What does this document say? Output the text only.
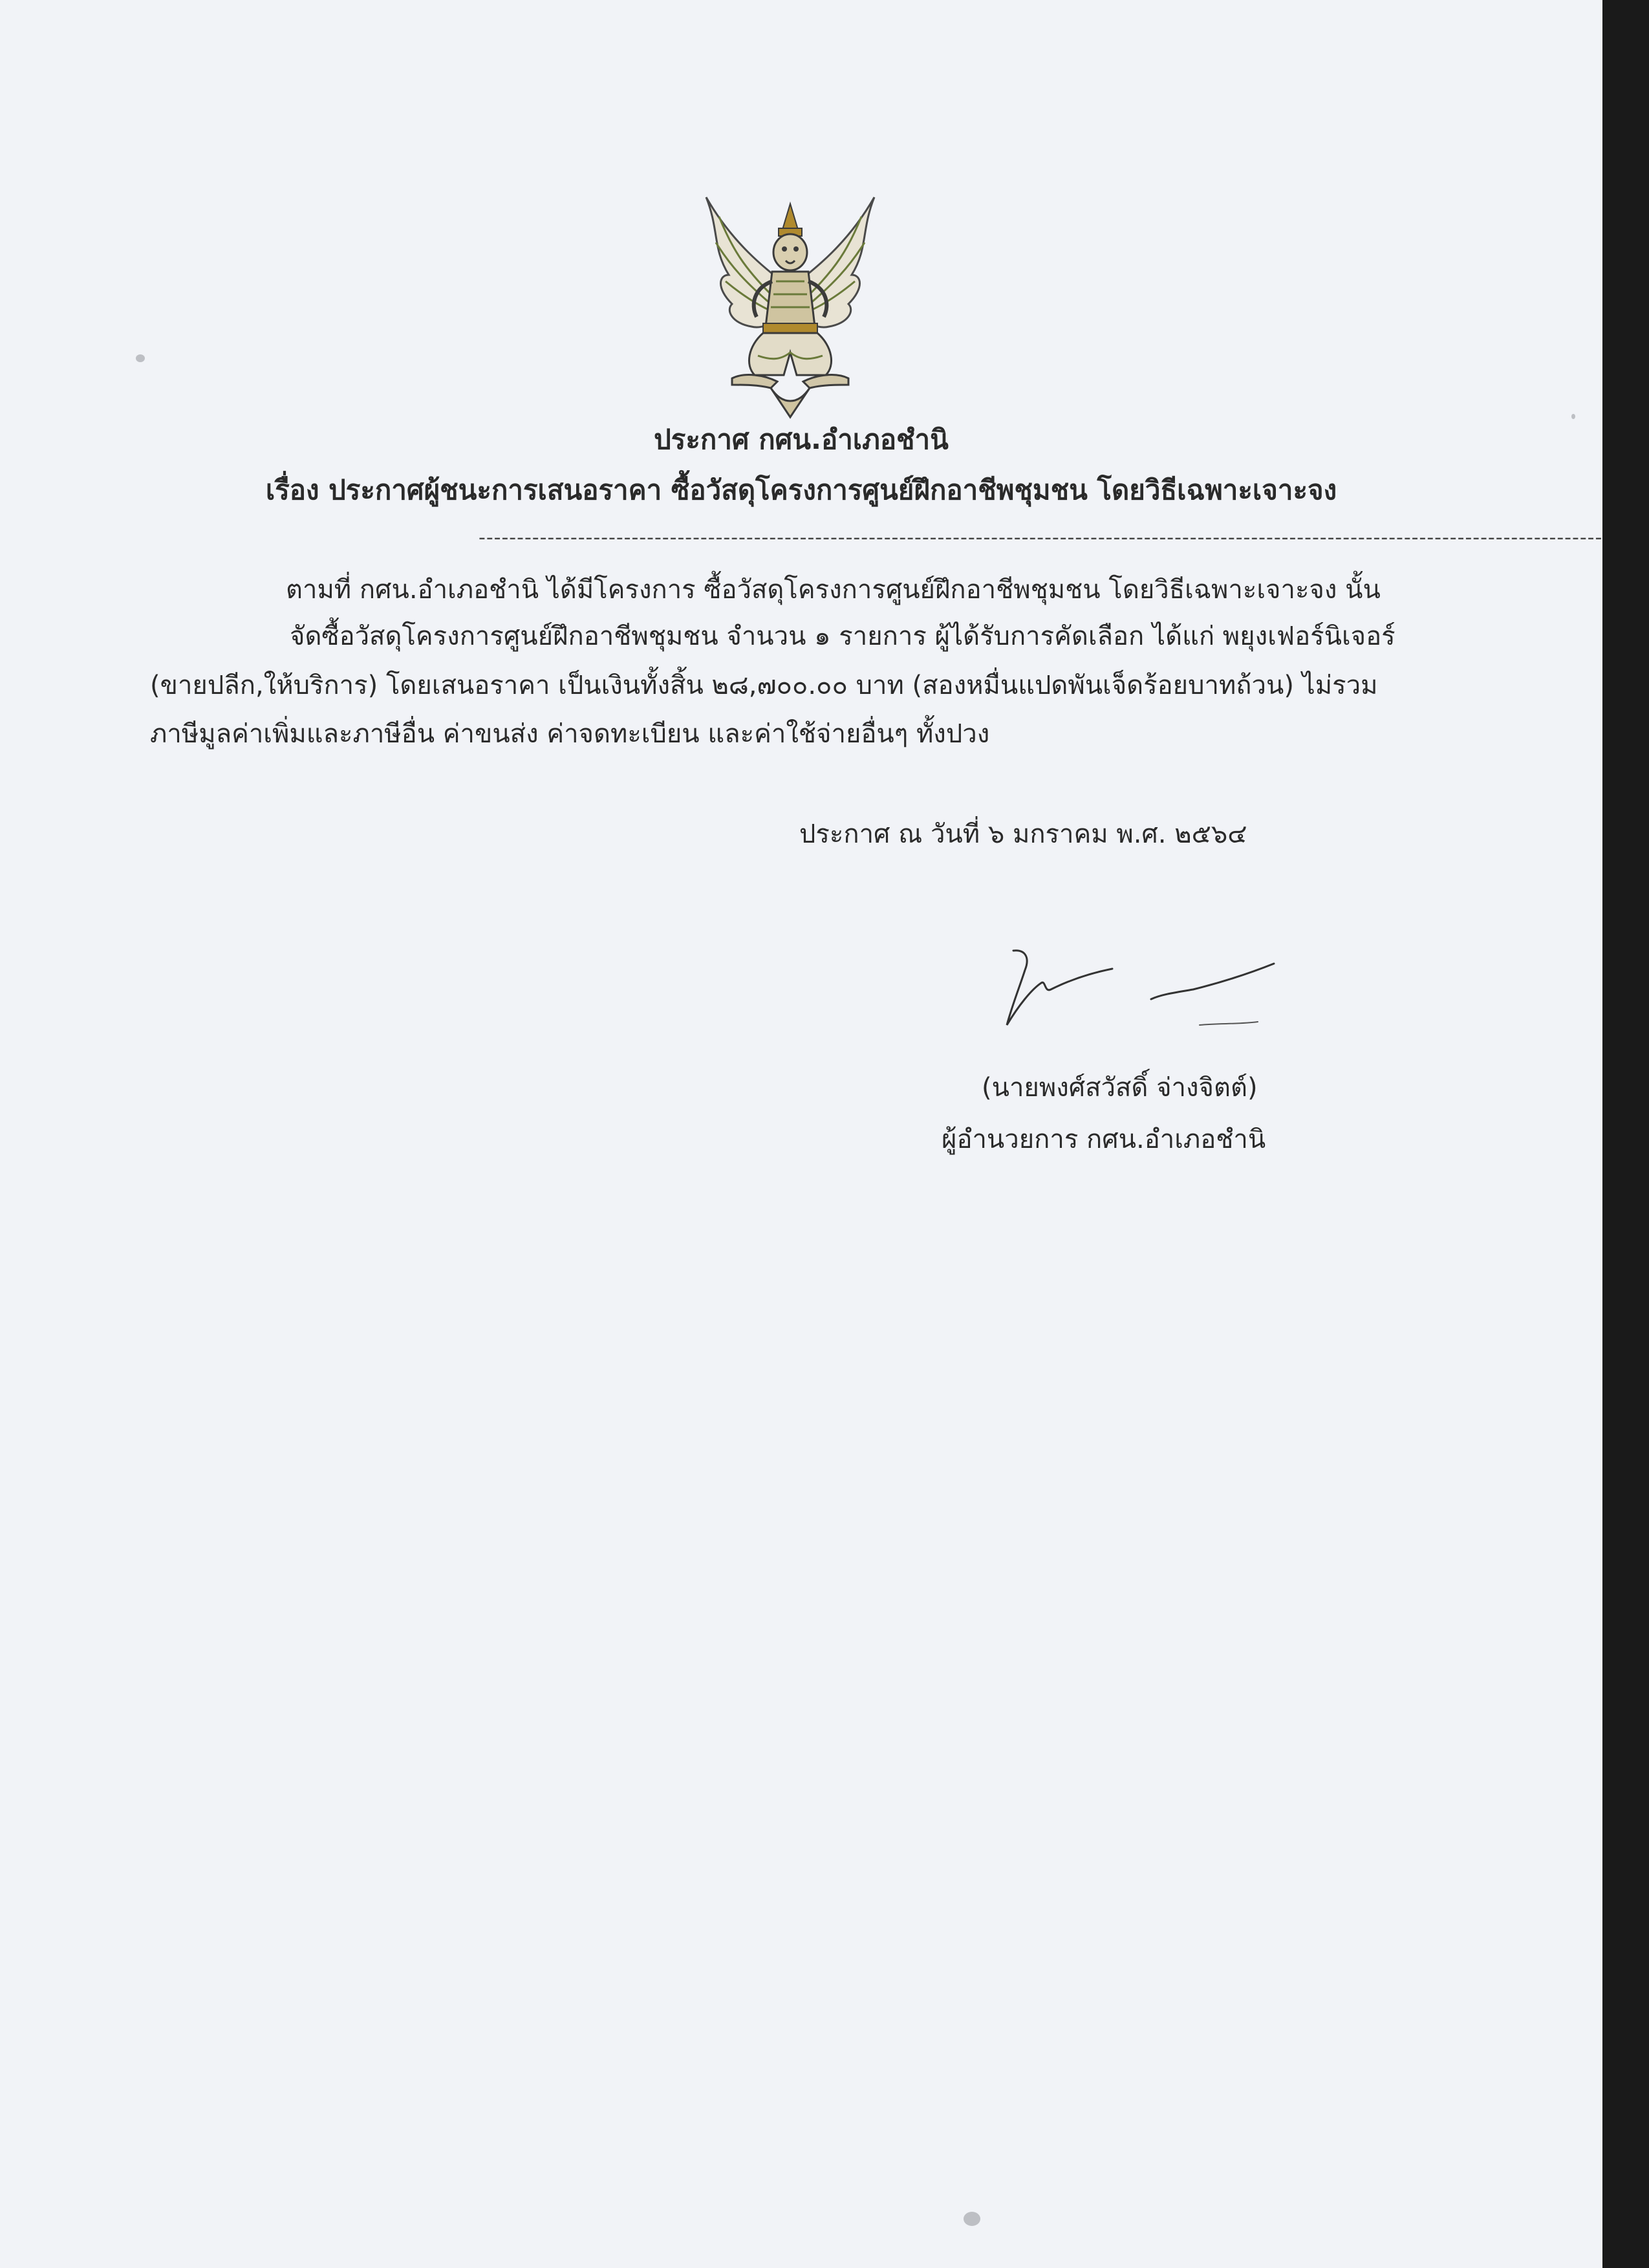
ประกาศ กศน.อำเภอชำนิ
เรื่อง ประกาศผู้ชนะการเสนอราคา ซื้อวัสดุโครงการศูนย์ฝึกอาชีพชุมชน โดยวิธีเฉพาะเจาะจง
---------------------------------------------------------------------------------------------------------------------------------------------------
ตามที่ กศน.อำเภอชำนิ ได้มีโครงการ ซื้อวัสดุโครงการศูนย์ฝึกอาชีพชุมชน โดยวิธีเฉพาะเจาะจง นั้น
จัดซื้อวัสดุโครงการศูนย์ฝึกอาชีพชุมชน จำนวน ๑ รายการ ผู้ได้รับการคัดเลือก ได้แก่ พยุงเฟอร์นิเจอร์
(ขายปลีก,ให้บริการ) โดยเสนอราคา เป็นเงินทั้งสิ้น ๒๘,๗๐๐.๐๐ บาท (สองหมื่นแปดพันเจ็ดร้อยบาทถ้วน) ไม่รวม
ภาษีมูลค่าเพิ่มและภาษีอื่น ค่าขนส่ง ค่าจดทะเบียน และค่าใช้จ่ายอื่นๆ ทั้งปวง
ประกาศ ณ วันที่ ๖ มกราคม พ.ศ. ๒๕๖๔
(นายพงศ์สวัสดิ์ จ่างจิตต์)
ผู้อำนวยการ กศน.อำเภอชำนิ
